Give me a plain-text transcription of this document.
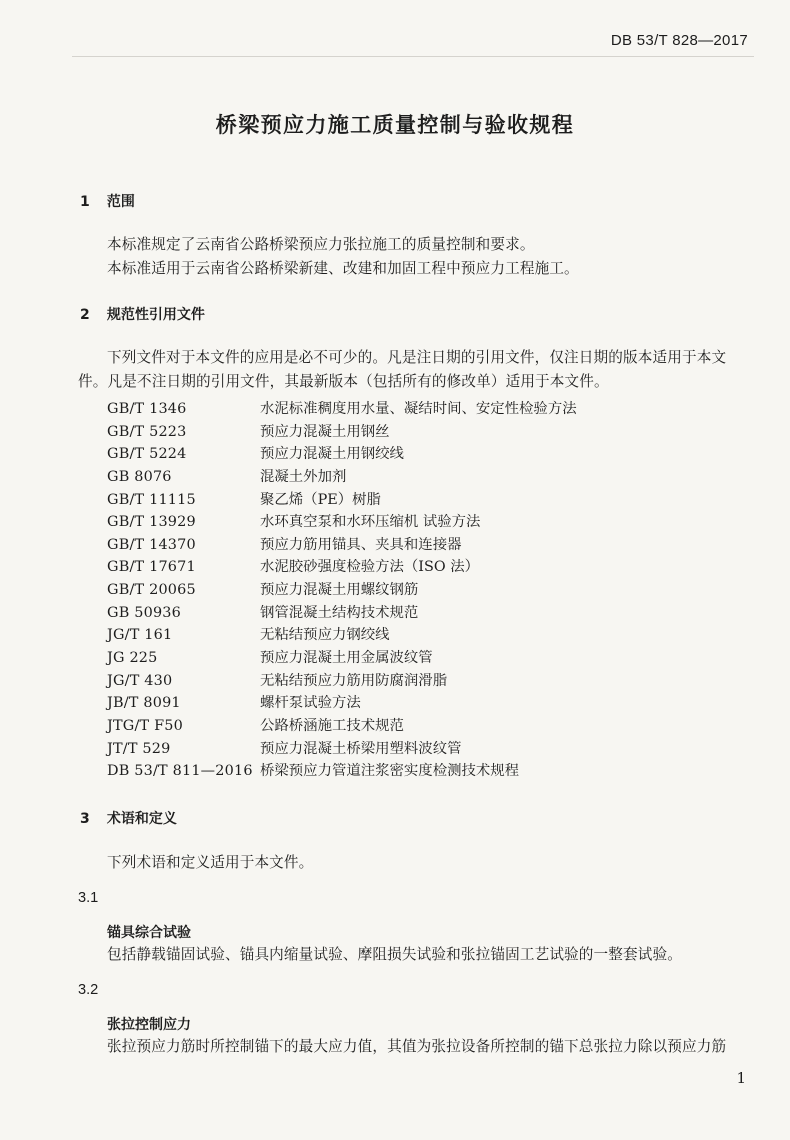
DB 53/T 828—2017
桥梁预应力施工质量控制与验收规程
1 范围
本标准规定了云南省公路桥梁预应力张拉施工的质量控制和要求。
本标准适用于云南省公路桥梁新建、改建和加固工程中预应力工程施工。
2 规范性引用文件
下列文件对于本文件的应用是必不可少的。凡是注日期的引用文件，仅注日期的版本适用于本文件。凡是不注日期的引用文件，其最新版本（包括所有的修改单）适用于本文件。
GB/T 1346	水泥标准稠度用水量、凝结时间、安定性检验方法
GB/T 5223	预应力混凝土用钢丝
GB/T 5224	预应力混凝土用钢绞线
GB 8076	混凝土外加剂
GB/T 11115	聚乙烯（PE）树脂
GB/T 13929	水环真空泵和水环压缩机 试验方法
GB/T 14370	预应力筋用锚具、夹具和连接器
GB/T 17671	水泥胶砂强度检验方法（ISO 法）
GB/T 20065	预应力混凝土用螺纹钢筋
GB 50936	钢管混凝土结构技术规范
JG/T 161	无粘结预应力钢绞线
JG 225	预应力混凝土用金属波纹管
JG/T 430	无粘结预应力筋用防腐润滑脂
JB/T 8091	螺杆泵试验方法
JTG/T F50	公路桥涵施工技术规范
JT/T 529	预应力混凝土桥梁用塑料波纹管
DB 53/T 811—2016 桥梁预应力管道注浆密实度检测技术规程
3 术语和定义
下列术语和定义适用于本文件。
3.1
锚具综合试验
包括静载锚固试验、锚具内缩量试验、摩阻损失试验和张拉锚固工艺试验的一整套试验。
3.2
张拉控制应力
张拉预应力筋时所控制锚下的最大应力值，其值为张拉设备所控制的锚下总张拉力除以预应力筋
1
